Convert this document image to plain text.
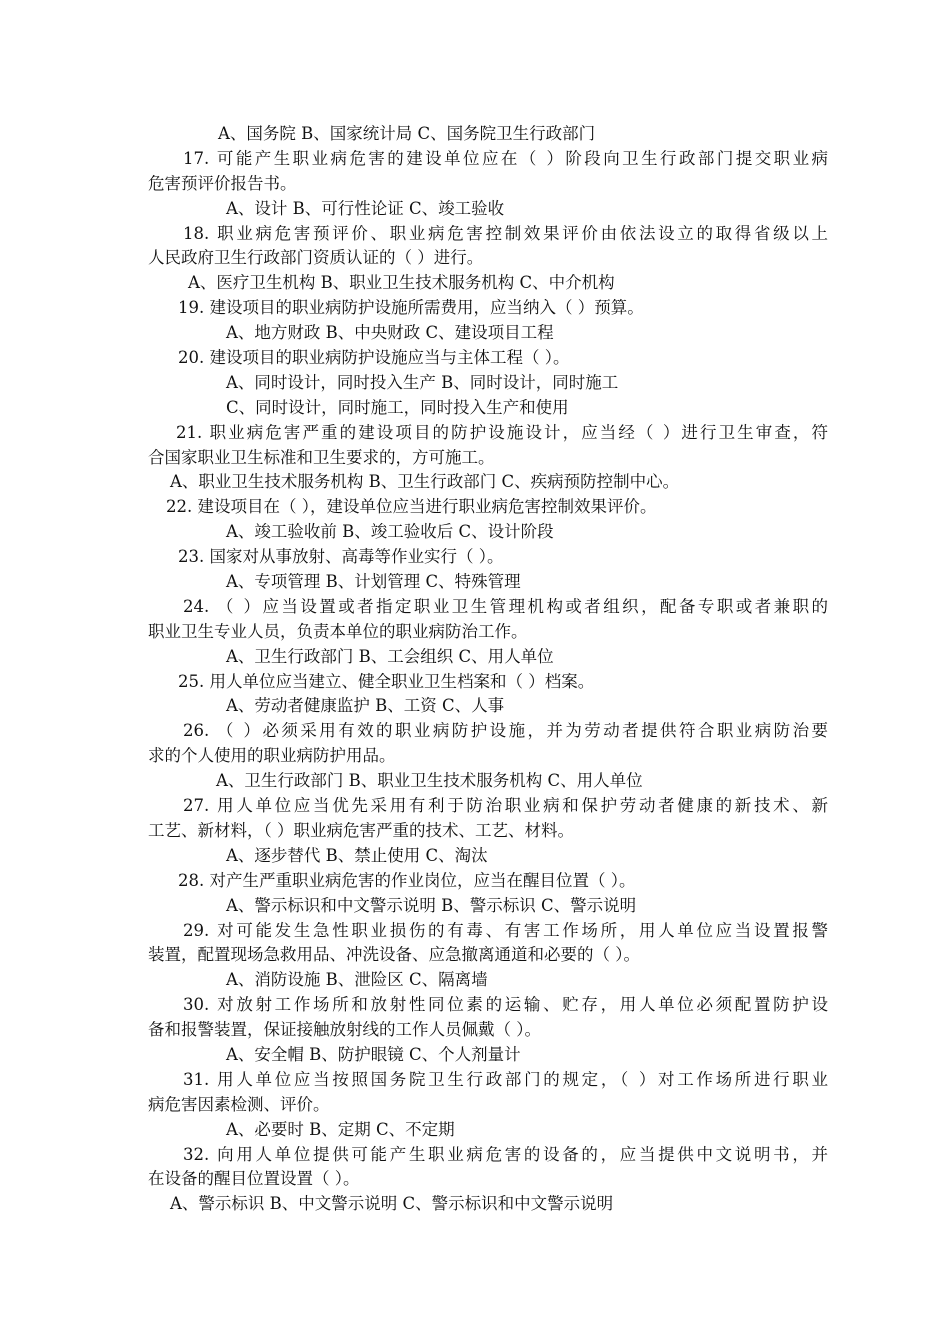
A、国务院 B、国家统计局 C、国务院卫生行政部门
17. 可能产生职业病危害的建设单位应在（ ）阶段向卫生行政部门提交职业病
危害预评价报告书。
A、设计 B、可行性论证 C、竣工验收
18. 职业病危害预评价、职业病危害控制效果评价由依法设立的取得省级以上
人民政府卫生行政部门资质认证的（ ）进行。
A、医疗卫生机构 B、职业卫生技术服务机构 C、中介机构
19. 建设项目的职业病防护设施所需费用，应当纳入（ ）预算。
A、地方财政 B、中央财政 C、建设项目工程
20. 建设项目的职业病防护设施应当与主体工程（ ）。
A、同时设计，同时投入生产 B、同时设计，同时施工
C、同时设计，同时施工，同时投入生产和使用
21. 职业病危害严重的建设项目的防护设施设计，应当经（ ）进行卫生审查，符
合国家职业卫生标准和卫生要求的，方可施工。
A、职业卫生技术服务机构 B、卫生行政部门 C、疾病预防控制中心。
22. 建设项目在（ ），建设单位应当进行职业病危害控制效果评价。
A、竣工验收前 B、竣工验收后 C、设计阶段
23. 国家对从事放射、高毒等作业实行（ ）。
A、专项管理 B、计划管理 C、特殊管理
24. （ ）应当设置或者指定职业卫生管理机构或者组织，配备专职或者兼职的
职业卫生专业人员，负责本单位的职业病防治工作。
A、卫生行政部门 B、工会组织 C、用人单位
25. 用人单位应当建立、健全职业卫生档案和（ ）档案。
A、劳动者健康监护 B、工资 C、人事
26. （ ）必须采用有效的职业病防护设施，并为劳动者提供符合职业病防治要
求的个人使用的职业病防护用品。
A、卫生行政部门 B、职业卫生技术服务机构 C、用人单位
27. 用人单位应当优先采用有利于防治职业病和保护劳动者健康的新技术、新
工艺、新材料，（ ）职业病危害严重的技术、工艺、材料。
A、逐步替代 B、禁止使用 C、淘汰
28. 对产生严重职业病危害的作业岗位，应当在醒目位置（ ）。
A、警示标识和中文警示说明 B、警示标识 C、警示说明
29. 对可能发生急性职业损伤的有毒、有害工作场所，用人单位应当设置报警
装置，配置现场急救用品、冲洗设备、应急撤离通道和必要的（ ）。
A、消防设施 B、泄险区 C、隔离墙
30. 对放射工作场所和放射性同位素的运输、贮存，用人单位必须配置防护设
备和报警装置，保证接触放射线的工作人员佩戴（ ）。
A、安全帽 B、防护眼镜 C、个人剂量计
31. 用人单位应当按照国务院卫生行政部门的规定，（ ）对工作场所进行职业
病危害因素检测、评价。
A、必要时 B、定期 C、不定期
32. 向用人单位提供可能产生职业病危害的设备的，应当提供中文说明书，并
在设备的醒目位置设置（ ）。
A、警示标识 B、中文警示说明 C、警示标识和中文警示说明
